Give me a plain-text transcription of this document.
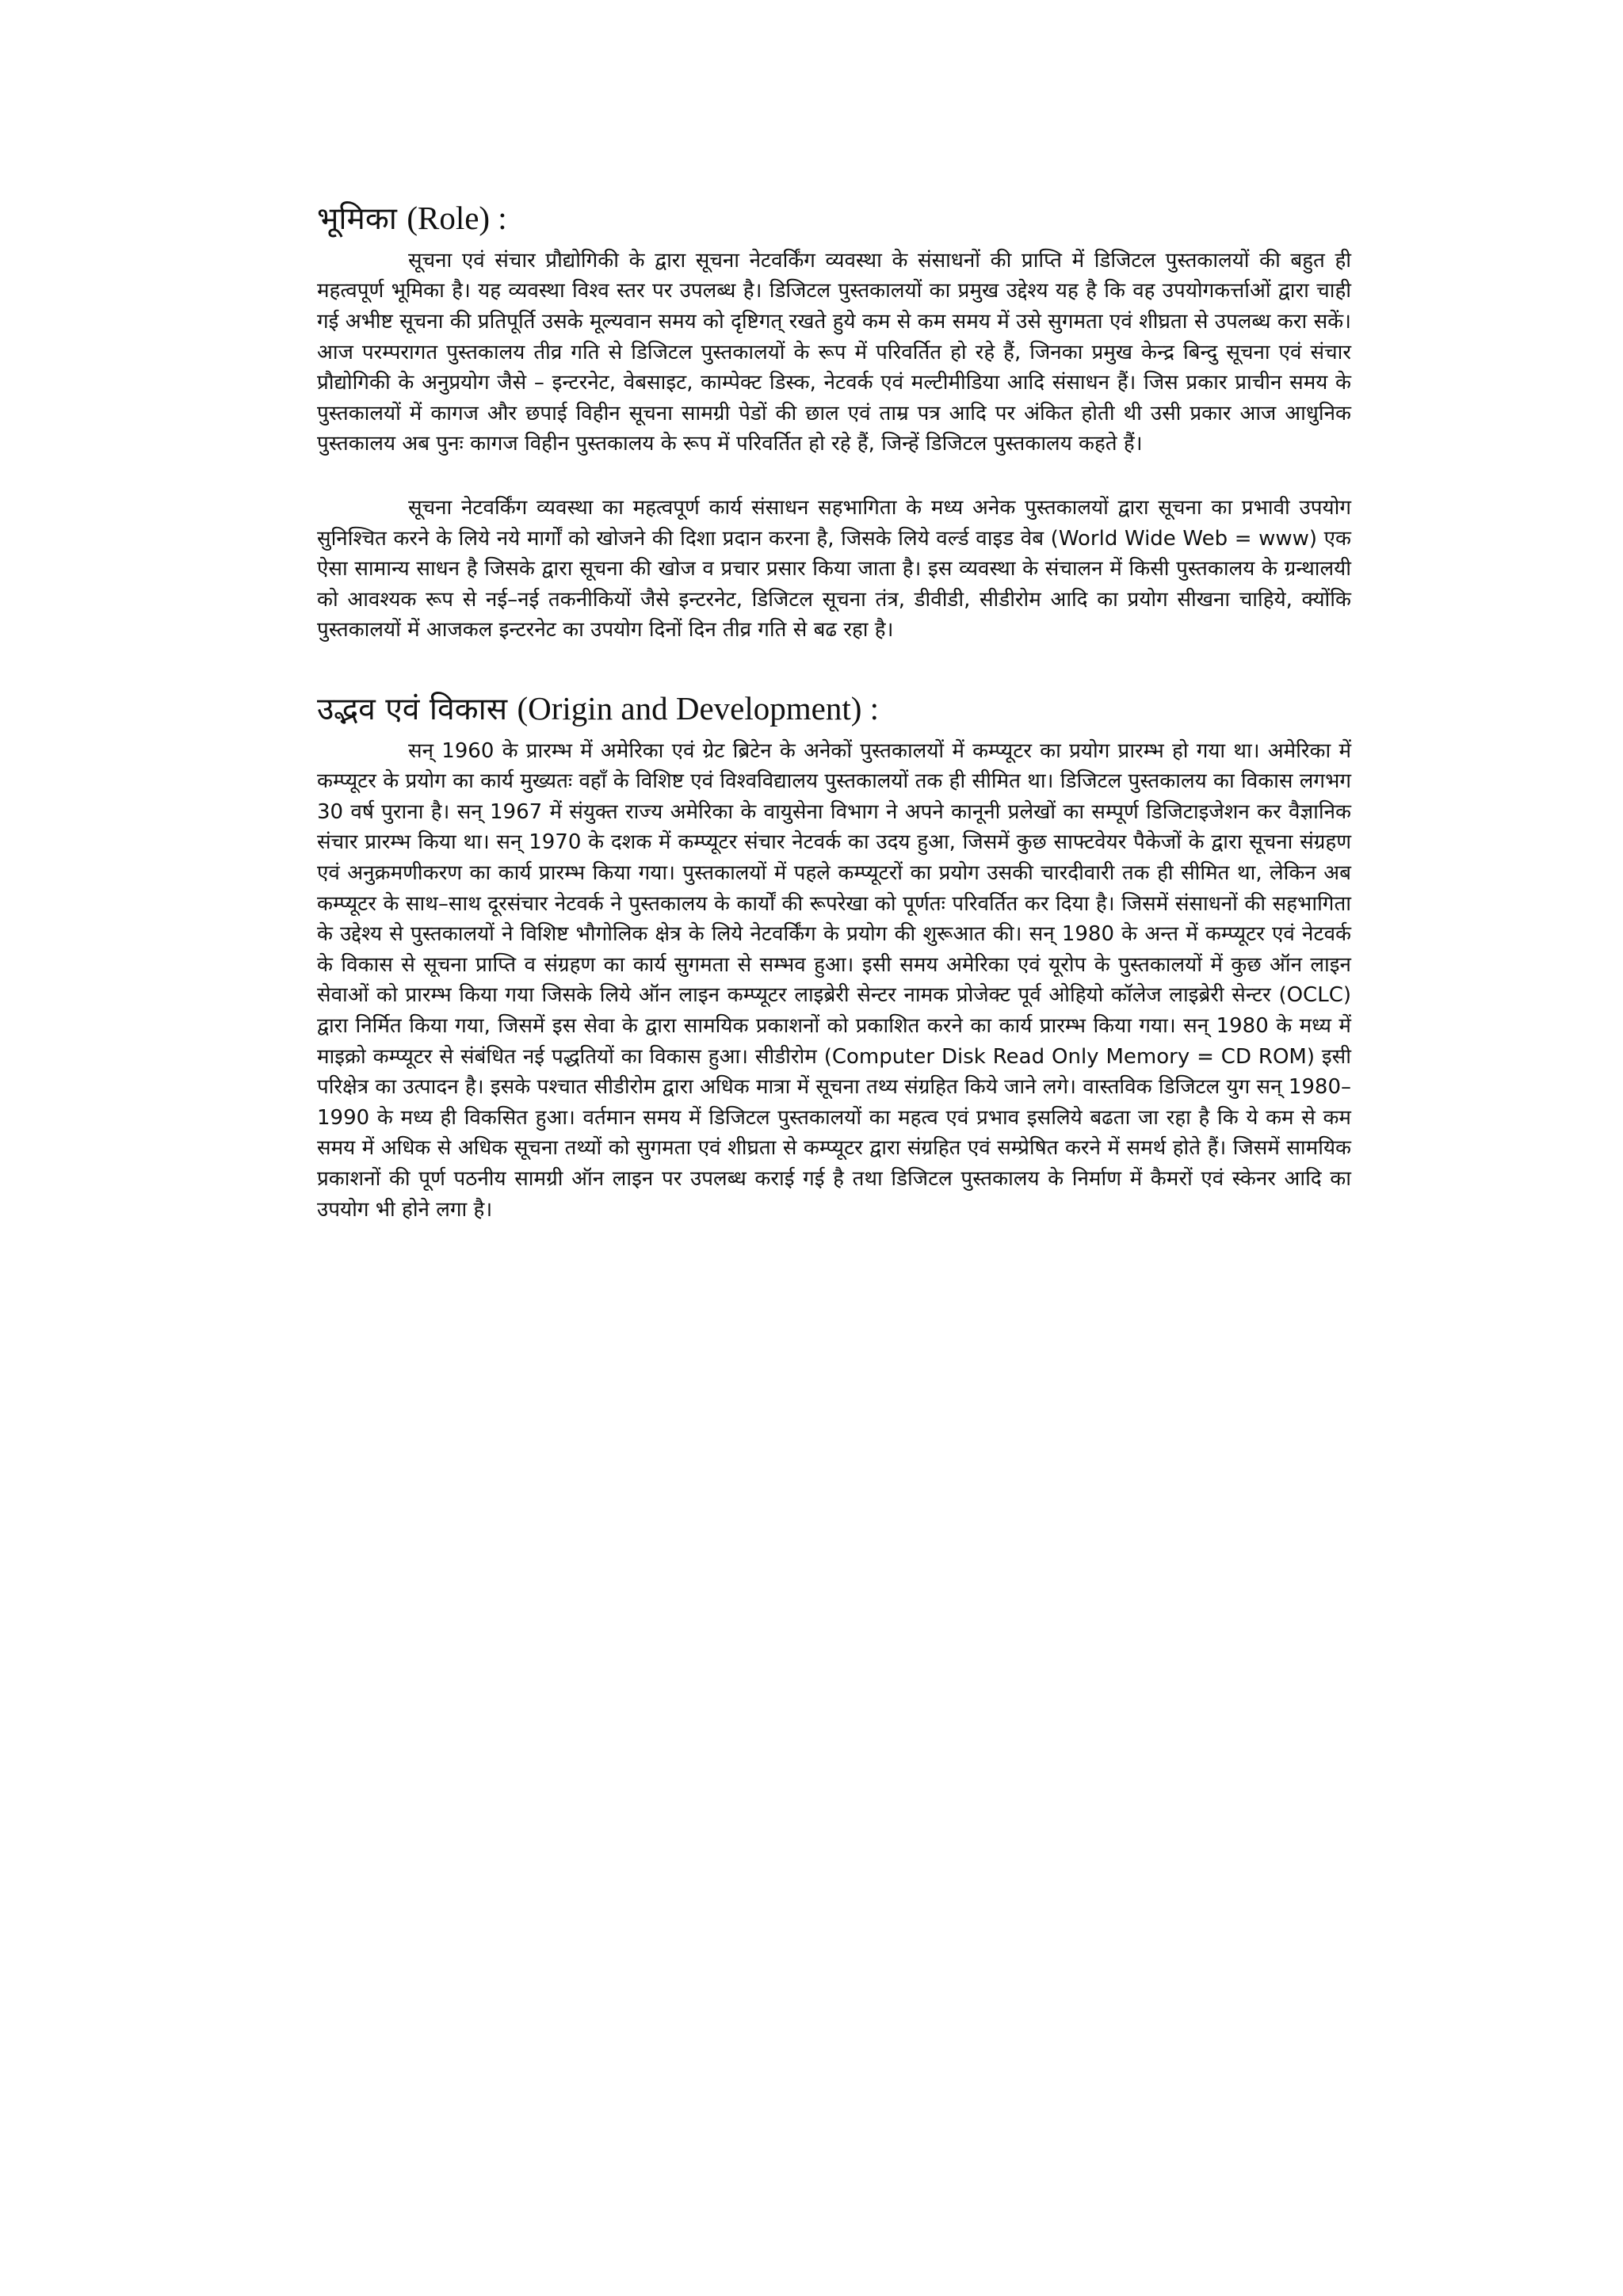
भूमिका (Role) :

सूचना एवं संचार प्रौद्योगिकी के द्वारा सूचना नेटवर्किंग व्यवस्था के संसाधनों की प्राप्ति में डिजिटल पुस्तकालयों की बहुत ही महत्वपूर्ण भूमिका है। यह व्यवस्था विश्व स्तर पर उपलब्ध है। डिजिटल पुस्तकालयों का प्रमुख उद्देश्य यह है कि वह उपयोगकर्त्ताओं द्वारा चाही गई अभीष्ट सूचना की प्रतिपूर्ति उसके मूल्यवान समय को दृष्टिगत् रखते हुये कम से कम समय में उसे सुगमता एवं शीघ्रता से उपलब्ध करा सकें। आज परम्परागत पुस्तकालय तीव्र गति से डिजिटल पुस्तकालयों के रूप में परिवर्तित हो रहे हैं, जिनका प्रमुख केन्द्र बिन्दु सूचना एवं संचार प्रौद्योगिकी के अनुप्रयोग जैसे – इन्टरनेट, वेबसाइट, काम्पेक्ट डिस्क, नेटवर्क एवं मल्टीमीडिया आदि संसाधन हैं। जिस प्रकार प्राचीन समय के पुस्तकालयों में कागज और छपाई विहीन सूचना सामग्री पेडों की छाल एवं ताम्र पत्र आदि पर अंकित होती थी उसी प्रकार आज आधुनिक पुस्तकालय अब पुनः कागज विहीन पुस्तकालय के रूप में परिवर्तित हो रहे हैं, जिन्हें डिजिटल पुस्तकालय कहते हैं।

सूचना नेटवर्किंग व्यवस्था का महत्वपूर्ण कार्य संसाधन सहभागिता के मध्य अनेक पुस्तकालयों द्वारा सूचना का प्रभावी उपयोग सुनिश्चित करने के लिये नये मार्गों को खोजने की दिशा प्रदान करना है, जिसके लिये वर्ल्ड वाइड वेब (World Wide Web = www) एक ऐसा सामान्य साधन है जिसके द्वारा सूचना की खोज व प्रचार प्रसार किया जाता है। इस व्यवस्था के संचालन में किसी पुस्तकालय के ग्रन्थालयी को आवश्यक रूप से नई–नई तकनीकियों जैसे इन्टरनेट, डिजिटल सूचना तंत्र, डीवीडी, सीडीरोम आदि का प्रयोग सीखना चाहिये, क्योंकि पुस्तकालयों में आजकल इन्टरनेट का उपयोग दिनों दिन तीव्र गति से बढ रहा है।

उद्भव एवं विकास (Origin and Development) :

सन् 1960 के प्रारम्भ में अमेरिका एवं ग्रेट ब्रिटेन के अनेकों पुस्तकालयों में कम्प्यूटर का प्रयोग प्रारम्भ हो गया था। अमेरिका में कम्प्यूटर के प्रयोग का कार्य मुख्यतः वहाँ के विशिष्ट एवं विश्वविद्यालय पुस्तकालयों तक ही सीमित था। डिजिटल पुस्तकालय का विकास लगभग 30 वर्ष पुराना है। सन् 1967 में संयुक्त राज्य अमेरिका के वायुसेना विभाग ने अपने कानूनी प्रलेखों का सम्पूर्ण डिजिटाइजेशन कर वैज्ञानिक संचार प्रारम्भ किया था। सन् 1970 के दशक में कम्प्यूटर संचार नेटवर्क का उदय हुआ, जिसमें कुछ साफ्टवेयर पैकेजों के द्वारा सूचना संग्रहण एवं अनुक्रमणीकरण का कार्य प्रारम्भ किया गया। पुस्तकालयों में पहले कम्प्यूटरों का प्रयोग उसकी चारदीवारी तक ही सीमित था, लेकिन अब कम्प्यूटर के साथ–साथ दूरसंचार नेटवर्क ने पुस्तकालय के कार्यों की रूपरेखा को पूर्णतः परिवर्तित कर दिया है। जिसमें संसाधनों की सहभागिता के उद्देश्य से पुस्तकालयों ने विशिष्ट भौगोलिक क्षेत्र के लिये नेटवर्किंग के प्रयोग की शुरूआत की। सन् 1980 के अन्त में कम्प्यूटर एवं नेटवर्क के विकास से सूचना प्राप्ति व संग्रहण का कार्य सुगमता से सम्भव हुआ। इसी समय अमेरिका एवं यूरोप के पुस्तकालयों में कुछ ऑन लाइन सेवाओं को प्रारम्भ किया गया जिसके लिये ऑन लाइन कम्प्यूटर लाइब्रेरी सेन्टर नामक प्रोजेक्ट पूर्व ओहियो कॉलेज लाइब्रेरी सेन्टर (OCLC) द्वारा निर्मित किया गया, जिसमें इस सेवा के द्वारा सामयिक प्रकाशनों को प्रकाशित करने का कार्य प्रारम्भ किया गया। सन् 1980 के मध्य में माइक्रो कम्प्यूटर से संबंधित नई पद्धतियों का विकास हुआ। सीडीरोम (Computer Disk Read Only Memory = CD ROM) इसी परिक्षेत्र का उत्पादन है। इसके पश्चात सीडीरोम द्वारा अधिक मात्रा में सूचना तथ्य संग्रहित किये जाने लगे। वास्तविक डिजिटल युग सन् 1980–1990 के मध्य ही विकसित हुआ। वर्तमान समय में डिजिटल पुस्तकालयों का महत्व एवं प्रभाव इसलिये बढता जा रहा है कि ये कम से कम समय में अधिक से अधिक सूचना तथ्यों को सुगमता एवं शीघ्रता से कम्प्यूटर द्वारा संग्रहित एवं सम्प्रेषित करने में समर्थ होते हैं। जिसमें सामयिक प्रकाशनों की पूर्ण पठनीय सामग्री ऑन लाइन पर उपलब्ध कराई गई है तथा डिजिटल पुस्तकालय के निर्माण में कैमरों एवं स्केनर आदि का उपयोग भी होने लगा है।
